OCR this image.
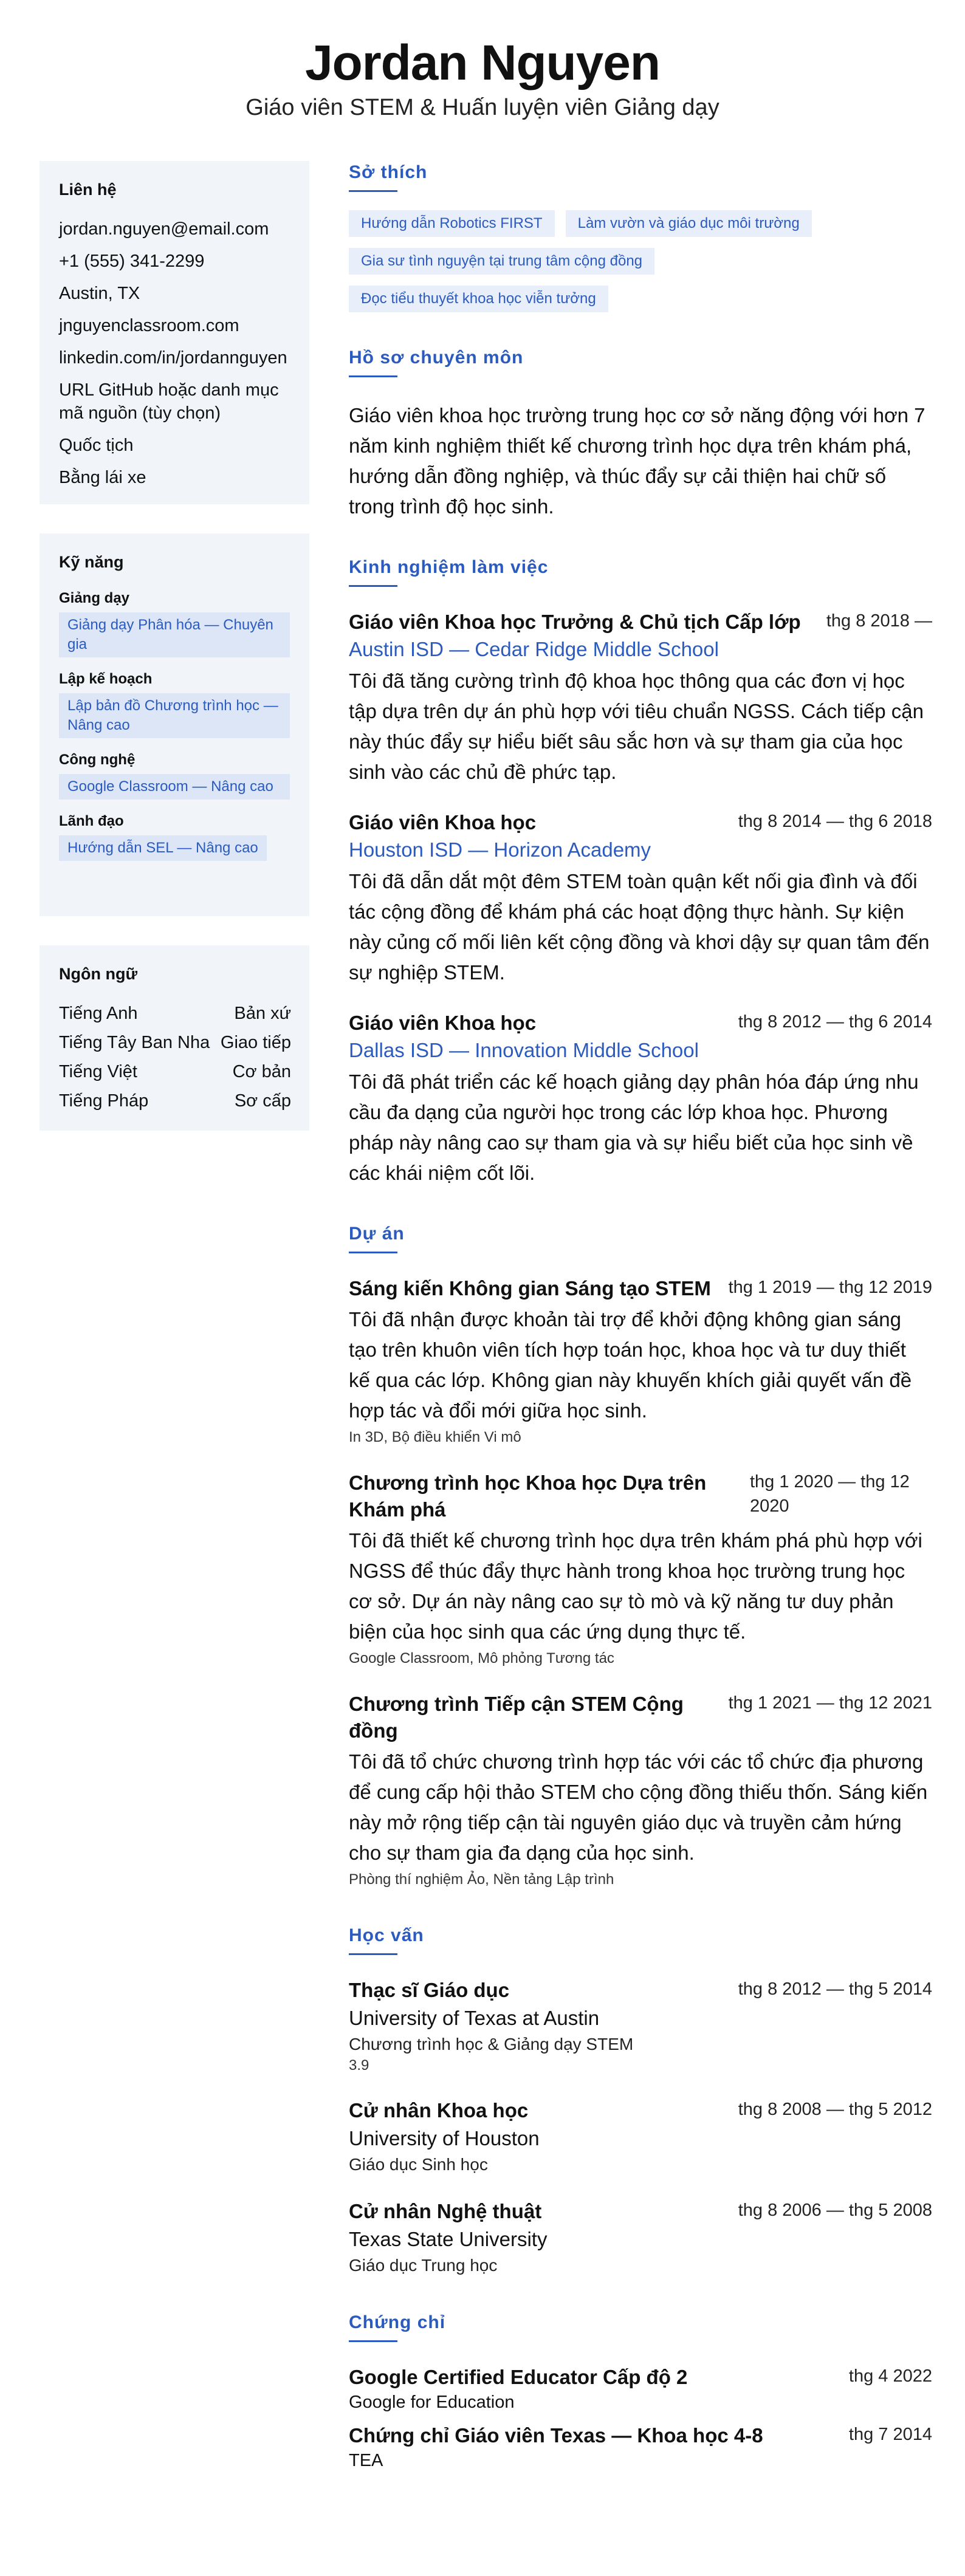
Jordan Nguyen
Giáo viên STEM & Huấn luyện viên Giảng dạy
Liên hệ
jordan.nguyen@email.com
+1 (555) 341-2299
Austin, TX
jnguyenclassroom.com
linkedin.com/in/jordannguyen
URL GitHub hoặc danh mục mã nguồn (tùy chọn)
Quốc tịch
Bằng lái xe
Kỹ năng
Giảng dạy
Giảng dạy Phân hóa — Chuyên gia
Lập kế hoạch
Lập bản đồ Chương trình học — Nâng cao
Công nghệ
Google Classroom — Nâng cao
Lãnh đạo
Hướng dẫn SEL — Nâng cao
Ngôn ngữ
Tiếng Anh	Bản xứ
Tiếng Tây Ban Nha Giao tiếp
Tiếng Việt	Cơ bản
Tiếng Pháp	Sơ cấp
Sở thích
Hướng dẫn Robotics FIRST	Làm vườn và giáo dục môi trường
Gia sư tình nguyện tại trung tâm cộng đồng
Đọc tiểu thuyết khoa học viễn tưởng
Hồ sơ chuyên môn
Giáo viên khoa học trường trung học cơ sở năng động với hơn 7 năm kinh nghiệm thiết kế chương trình học dựa trên khám phá, hướng dẫn đồng nghiệp, và thúc đẩy sự cải thiện hai chữ số trong trình độ học sinh.
Kinh nghiệm làm việc
Giáo viên Khoa học Trưởng & Chủ tịch Cấp lớp	thg 8 2018 —
Austin ISD — Cedar Ridge Middle School
Tôi đã tăng cường trình độ khoa học thông qua các đơn vị học tập dựa trên dự án phù hợp với tiêu chuẩn NGSS. Cách tiếp cận này thúc đẩy sự hiểu biết sâu sắc hơn và sự tham gia của học sinh vào các chủ đề phức tạp.
Giáo viên Khoa học	thg 8 2014 — thg 6 2018
Houston ISD — Horizon Academy
Tôi đã dẫn dắt một đêm STEM toàn quận kết nối gia đình và đối tác cộng đồng để khám phá các hoạt động thực hành. Sự kiện này củng cố mối liên kết cộng đồng và khơi dậy sự quan tâm đến sự nghiệp STEM.
Giáo viên Khoa học	thg 8 2012 — thg 6 2014
Dallas ISD — Innovation Middle School
Tôi đã phát triển các kế hoạch giảng dạy phân hóa đáp ứng nhu cầu đa dạng của người học trong các lớp khoa học. Phương pháp này nâng cao sự tham gia và sự hiểu biết của học sinh về các khái niệm cốt lõi.
Dự án
Sáng kiến Không gian Sáng tạo STEM thg 1 2019 — thg 12 2019
Tôi đã nhận được khoản tài trợ để khởi động không gian sáng tạo trên khuôn viên tích hợp toán học, khoa học và tư duy thiết kế qua các lớp. Không gian này khuyến khích giải quyết vấn đề hợp tác và đổi mới giữa học sinh.
In 3D, Bộ điều khiển Vi mô
Chương trình học Khoa học Dựa trên Khám phá
thg 1 2020 — thg 12 2020
Tôi đã thiết kế chương trình học dựa trên khám phá phù hợp với NGSS để thúc đẩy thực hành trong khoa học trường trung học cơ sở. Dự án này nâng cao sự tò mò và kỹ năng tư duy phản biện của học sinh qua các ứng dụng thực tế.
Google Classroom, Mô phỏng Tương tác
Chương trình Tiếp cận STEM Cộng đồng
thg 1 2021 — thg 12 2021
Tôi đã tổ chức chương trình hợp tác với các tổ chức địa phương để cung cấp hội thảo STEM cho cộng đồng thiếu thốn. Sáng kiến này mở rộng tiếp cận tài nguyên giáo dục và truyền cảm hứng cho sự tham gia đa dạng của học sinh.
Phòng thí nghiệm Ảo, Nền tảng Lập trình
Học vấn
Thạc sĩ Giáo dục	thg 8 2012 — thg 5 2014
University of Texas at Austin
Chương trình học & Giảng dạy STEM
3.9
Cử nhân Khoa học	thg 8 2008 — thg 5 2012
University of Houston
Giáo dục Sinh học
Cử nhân Nghệ thuật	thg 8 2006 — thg 5 2008
Texas State University
Giáo dục Trung học
Chứng chỉ
Google Certified Educator Cấp độ 2	thg 4 2022
Google for Education
Chứng chỉ Giáo viên Texas — Khoa học 4-8	thg 7 2014
TEA
